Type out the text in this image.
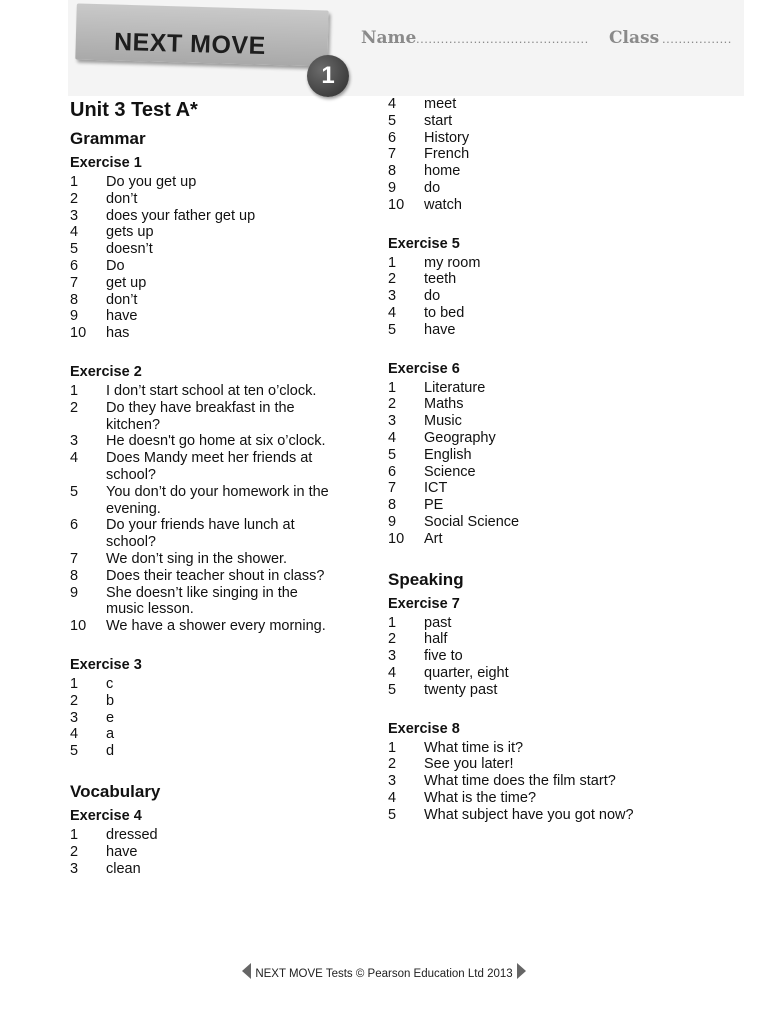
NEXT MOVE
1
Name .......................................... Class .................
Unit 3 Test A*
Grammar
Exercise 1
1	Do you get up
2	don’t
3	does your father get up
4	gets up
5	doesn’t
6	Do
7	get up
8	don’t
9	have
10	has
Exercise 2
1	I don’t start school at ten o’clock.
2	Do they have breakfast in the kitchen?
3	He doesn't go home at six o’clock.
4	Does Mandy meet her friends at school?
5	You don’t do your homework in the evening.
6	Do your friends have lunch at school?
7	We don’t sing in the shower.
8	Does their teacher shout in class?
9	She doesn’t like singing in the music lesson.
10	We have a shower every morning.
Exercise 3
1	c
2	b
3	e
4	a
5	d
Vocabulary
Exercise 4
1	dressed
2	have
3	clean
4	meet
5	start
6	History
7	French
8	home
9	do
10	watch
Exercise 5
1	my room
2	teeth
3	do
4	to bed
5	have
Exercise 6
1	Literature
2	Maths
3	Music
4	Geography
5	English
6	Science
7	ICT
8	PE
9	Social Science
10	Art
Speaking
Exercise 7
1	past
2	half
3	five to
4	quarter, eight
5	twenty past
Exercise 8
1	What time is it?
2	See you later!
3	What time does the film start?
4	What is the time?
5	What subject have you got now?
NEXT MOVE Tests © Pearson Education Ltd 2013
